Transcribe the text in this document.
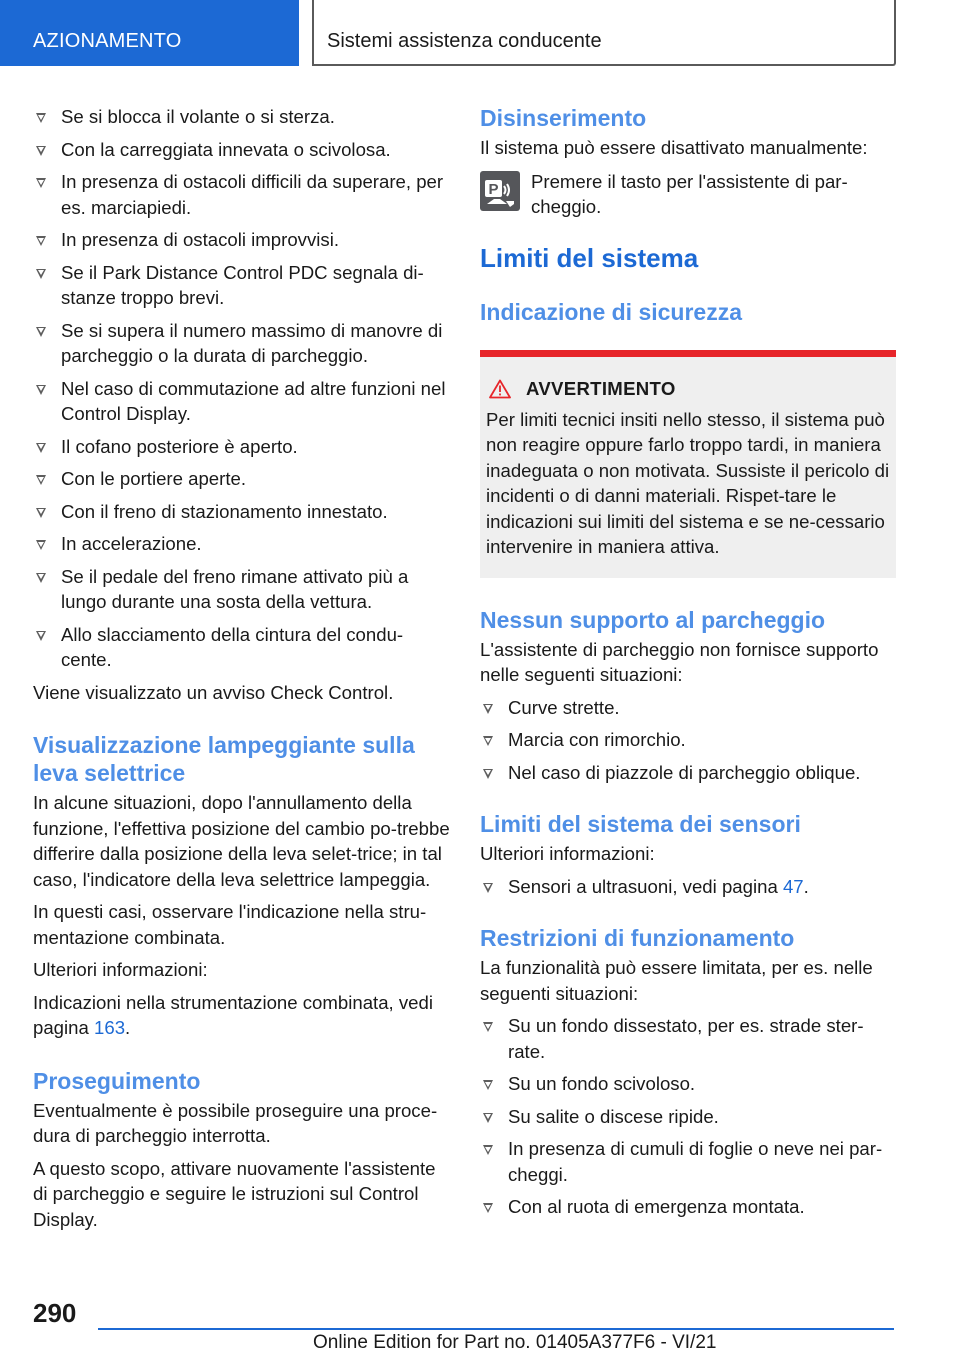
AZIONAMENTO	Sistemi assistenza conducente
Se si blocca il volante o si sterza.
Con la carreggiata innevata o scivolosa.
In presenza di ostacoli difficili da superare, per es. marciapiedi.
In presenza di ostacoli improvvisi.
Se il Park Distance Control PDC segnala di-stanze troppo brevi.
Se si supera il numero massimo di manovre di parcheggio o la durata di parcheggio.
Nel caso di commutazione ad altre funzioni nel Control Display.
Il cofano posteriore è aperto.
Con le portiere aperte.
Con il freno di stazionamento innestato.
In accelerazione.
Se il pedale del freno rimane attivato più a lungo durante una sosta della vettura.
Allo slacciamento della cintura del condu-cente.

Viene visualizzato un avviso Check Control.

Visualizzazione lampeggiante sulla leva selettrice

In alcune situazioni, dopo l'annullamento della funzione, l'effettiva posizione del cambio po-trebbe differire dalla posizione della leva selet-trice; in tal caso, l'indicatore della leva selettrice lampeggia.

In questi casi, osservare l'indicazione nella stru-mentazione combinata.

Ulteriori informazioni:

Indicazioni nella strumentazione combinata, vedi pagina 163.

Proseguimento

Eventualmente è possibile proseguire una proce-dura di parcheggio interrotta.

A questo scopo, attivare nuovamente l'assistente di parcheggio e seguire le istruzioni sul Control Display.

Disinserimento

Il sistema può essere disattivato manualmente:

P Premere il tasto per l'assistente di par-cheggio.

Limiti del sistema
Indicazione di sicurezza
AVVERTIMENTO

Per limiti tecnici insiti nello stesso, il sistema può non reagire oppure farlo troppo tardi, in maniera inadeguata o non motivata. Sussiste il pericolo di incidenti o di danni materiali. Rispet-tare le indicazioni sui limiti del sistema e se ne-cessario intervenire in maniera attiva.

Nessun supporto al parcheggio

L'assistente di parcheggio non fornisce supporto nelle seguenti situazioni:

Curve strette.
Marcia con rimorchio.
Nel caso di piazzole di parcheggio oblique.
Limiti del sistema dei sensori

Ulteriori informazioni:

Sensori a ultrasuoni, vedi pagina 47.
Restrizioni di funzionamento

La funzionalità può essere limitata, per es. nelle seguenti situazioni:

Su un fondo dissestato, per es. strade ster-rate.
Su un fondo scivoloso.
Su salite o discese ripide.
In presenza di cumuli di foglie o neve nei par-cheggi.
Con al ruota di emergenza montata.
290
Online Edition for Part no. 01405A377F6 - VI/21
